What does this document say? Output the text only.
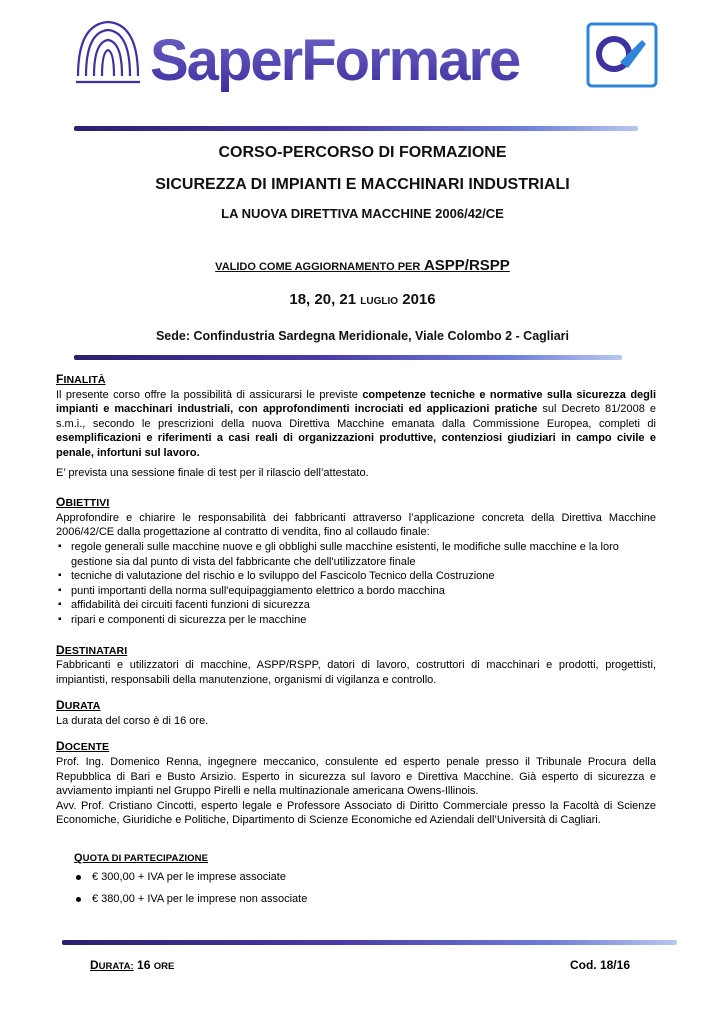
SaperFormare
CORSO-PERCORSO DI FORMAZIONE
SICUREZZA DI IMPIANTI E MACCHINARI INDUSTRIALI
LA NUOVA DIRETTIVA MACCHINE 2006/42/CE
VALIDO COME AGGIORNAMENTO PER ASPP/RSPP
18, 20, 21 LUGLIO 2016
Sede: Confindustria Sardegna Meridionale, Viale Colombo 2 - Cagliari
FINALITÀ

Il presente corso offre la possibilità di assicurarsi le previste competenze tecniche e normative sulla sicurezza degli impianti e macchinari industriali, con approfondimenti incrociati ed applicazioni pratiche sul Decreto 81/2008 e s.m.i., secondo le prescrizioni della nuova Direttiva Macchine emanata dalla Commissione Europea, completi di esemplificazioni e riferimenti a casi reali di organizzazioni produttive, contenziosi giudiziari in campo civile e penale, infortuni sul lavoro.

E’ prevista una sessione finale di test per il rilascio dell’attestato.

OBIETTIVI

Approfondire e chiarire le responsabilità dei fabbricanti attraverso l’applicazione concreta della Direttiva Macchine 2006/42/CE dalla progettazione al contratto di vendita, fino al collaudo finale:

▪ regole generali sulle macchine nuove e gli obblighi sulle macchine esistenti, le modifiche sulle macchine e la loro gestione sia dal punto di vista del fabbricante che dell'utilizzatore finale
▪ tecniche di valutazione del rischio e lo sviluppo del Fascicolo Tecnico della Costruzione
▪ punti importanti della norma sull'equipaggiamento elettrico a bordo macchina
▪ affidabilità dei circuiti facenti funzioni di sicurezza
▪ ripari e componenti di sicurezza per le macchine
DESTINATARI

Fabbricanti e utilizzatori di macchine, ASPP/RSPP, datori di lavoro, costruttori di macchinari e prodotti, progettisti, impiantisti, responsabili della manutenzione, organismi di vigilanza e controllo.

DURATA

La durata del corso è di 16 ore.

DOCENTE

Prof. Ing. Domenico Renna, ingegnere meccanico, consulente ed esperto penale presso il Tribunale Procura della Repubblica di Bari e Busto Arsizio. Esperto in sicurezza sul lavoro e Direttiva Macchine. Già esperto di sicurezza e avviamento impianti nel Gruppo Pirelli e nella multinazionale americana Owens-Illinois.

Avv. Prof. Cristiano Cincotti, esperto legale e Professore Associato di Diritto Commerciale presso la Facoltà di Scienze Economiche, Giuridiche e Politiche, Dipartimento di Scienze Economiche ed Aziendali dell’Università di Cagliari.

QUOTA DI PARTECIPAZIONE
€ 300,00 + IVA per le imprese associate
€ 380,00 + IVA per le imprese non associate
DURATA: 16 ORE	Cod. 18/16
